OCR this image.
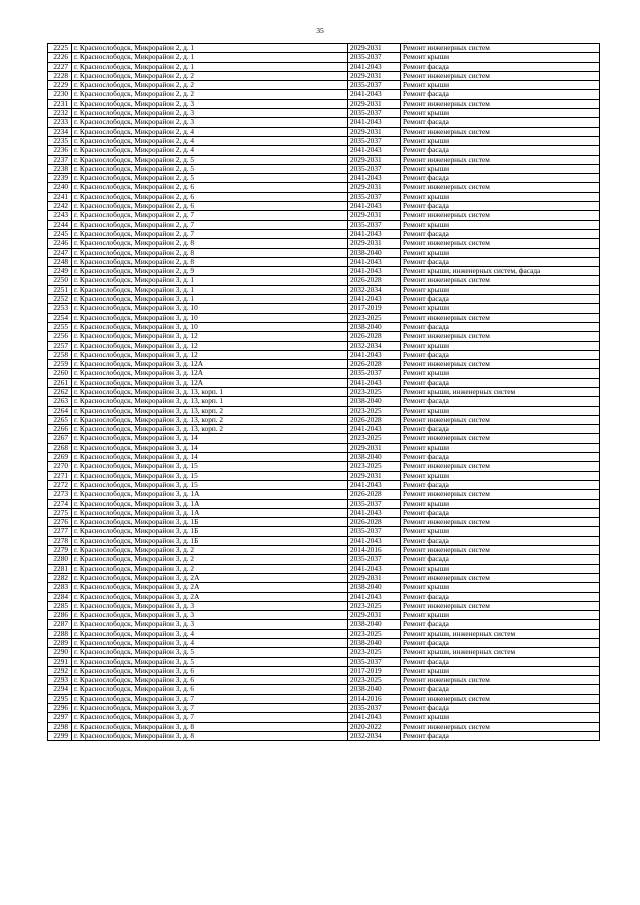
35
2225	г. Краснослободск, Микрорайон 2, д. 1	2029-2031	Ремонт инженерных систем
2226	г. Краснослободск, Микрорайон 2, д. 1	2035-2037	Ремонт крыши
2227	г. Краснослободск, Микрорайон 2, д. 1	2041-2043	Ремонт фасада
2228	г. Краснослободск, Микрорайон 2, д. 2	2029-2031	Ремонт инженерных систем
2229	г. Краснослободск, Микрорайон 2, д. 2	2035-2037	Ремонт крыши
2230	г. Краснослободск, Микрорайон 2, д. 2	2041-2043	Ремонт фасада
2231	г. Краснослободск, Микрорайон 2, д. 3	2029-2031	Ремонт инженерных систем
2232	г. Краснослободск, Микрорайон 2, д. 3	2035-2037	Ремонт крыши
2233	г. Краснослободск, Микрорайон 2, д. 3	2041-2043	Ремонт фасада
2234	г. Краснослободск, Микрорайон 2, д. 4	2029-2031	Ремонт инженерных систем
2235	г. Краснослободск, Микрорайон 2, д. 4	2035-2037	Ремонт крыши
2236	г. Краснослободск, Микрорайон 2, д. 4	2041-2043	Ремонт фасада
2237	г. Краснослободск, Микрорайон 2, д. 5	2029-2031	Ремонт инженерных систем
2238	г. Краснослободск, Микрорайон 2, д. 5	2035-2037	Ремонт крыши
2239	г. Краснослободск, Микрорайон 2, д. 5	2041-2043	Ремонт фасада
2240	г. Краснослободск, Микрорайон 2, д. 6	2029-2031	Ремонт инженерных систем
2241	г. Краснослободск, Микрорайон 2, д. 6	2035-2037	Ремонт крыши
2242	г. Краснослободск, Микрорайон 2, д. 6	2041-2043	Ремонт фасада
2243	г. Краснослободск, Микрорайон 2, д. 7	2029-2031	Ремонт инженерных систем
2244	г. Краснослободск, Микрорайон 2, д. 7	2035-2037	Ремонт крыши
2245	г. Краснослободск, Микрорайон 2, д. 7	2041-2043	Ремонт фасада
2246	г. Краснослободск, Микрорайон 2, д. 8	2029-2031	Ремонт инженерных систем
2247	г. Краснослободск, Микрорайон 2, д. 8	2038-2040	Ремонт крыши
2248	г. Краснослободск, Микрорайон 2, д. 8	2041-2043	Ремонт фасада
2249	г. Краснослободск, Микрорайон 2, д. 9	2041-2043	Ремонт крыши, инженерных систем, фасада
2250	г. Краснослободск, Микрорайон 3, д. 1	2026-2028	Ремонт инженерных систем
2251	г. Краснослободск, Микрорайон 3, д. 1	2032-2034	Ремонт крыши
2252	г. Краснослободск, Микрорайон 3, д. 1	2041-2043	Ремонт фасада
2253	г. Краснослободск, Микрорайон 3, д. 10	2017-2019	Ремонт крыши
2254	г. Краснослободск, Микрорайон 3, д. 10	2023-2025	Ремонт инженерных систем
2255	г. Краснослободск, Микрорайон 3, д. 10	2038-2040	Ремонт фасада
2256	г. Краснослободск, Микрорайон 3, д. 12	2026-2028	Ремонт инженерных систем
2257	г. Краснослободск, Микрорайон 3, д. 12	2032-2034	Ремонт крыши
2258	г. Краснослободск, Микрорайон 3, д. 12	2041-2043	Ремонт фасада
2259	г. Краснослободск, Микрорайон 3, д. 12А	2026-2028	Ремонт инженерных систем
2260	г. Краснослободск, Микрорайон 3, д. 12А	2035-2037	Ремонт крыши
2261	г. Краснослободск, Микрорайон 3, д. 12А	2041-2043	Ремонт фасада
2262	г. Краснослободск, Микрорайон 3, д. 13, корп. 1	2023-2025	Ремонт крыши, инженерных систем
2263	г. Краснослободск, Микрорайон 3, д. 13, корп. 1	2038-2040	Ремонт фасада
2264	г. Краснослободск, Микрорайон 3, д. 13, корп. 2	2023-2025	Ремонт крыши
2265	г. Краснослободск, Микрорайон 3, д. 13, корп. 2	2026-2028	Ремонт инженерных систем
2266	г. Краснослободск, Микрорайон 3, д. 13, корп. 2	2041-2043	Ремонт фасада
2267	г. Краснослободск, Микрорайон 3, д. 14	2023-2025	Ремонт инженерных систем
2268	г. Краснослободск, Микрорайон 3, д. 14	2029-2031	Ремонт крыши
2269	г. Краснослободск, Микрорайон 3, д. 14	2038-2040	Ремонт фасада
2270	г. Краснослободск, Микрорайон 3, д. 15	2023-2025	Ремонт инженерных систем
2271	г. Краснослободск, Микрорайон 3, д. 15	2029-2031	Ремонт крыши
2272	г. Краснослободск, Микрорайон 3, д. 15	2041-2043	Ремонт фасада
2273	г. Краснослободск, Микрорайон 3, д. 1А	2026-2028	Ремонт инженерных систем
2274	г. Краснослободск, Микрорайон 3, д. 1А	2035-2037	Ремонт крыши
2275	г. Краснослободск, Микрорайон 3, д. 1А	2041-2043	Ремонт фасада
2276	г. Краснослободск, Микрорайон 3, д. 1Б	2026-2028	Ремонт инженерных систем
2277	г. Краснослободск, Микрорайон 3, д. 1Б	2035-2037	Ремонт крыши
2278	г. Краснослободск, Микрорайон 3, д. 1Б	2041-2043	Ремонт фасада
2279	г. Краснослободск, Микрорайон 3, д. 2	2014-2016	Ремонт инженерных систем
2280	г. Краснослободск, Микрорайон 3, д. 2	2035-2037	Ремонт фасада
2281	г. Краснослободск, Микрорайон 3, д. 2	2041-2043	Ремонт крыши
2282	г. Краснослободск, Микрорайон 3, д. 2А	2029-2031	Ремонт инженерных систем
2283	г. Краснослободск, Микрорайон 3, д. 2А	2038-2040	Ремонт крыши
2284	г. Краснослободск, Микрорайон 3, д. 2А	2041-2043	Ремонт фасада
2285	г. Краснослободск, Микрорайон 3, д. 3	2023-2025	Ремонт инженерных систем
2286	г. Краснослободск, Микрорайон 3, д. 3	2029-2031	Ремонт крыши
2287	г. Краснослободск, Микрорайон 3, д. 3	2038-2040	Ремонт фасада
2288	г. Краснослободск, Микрорайон 3, д. 4	2023-2025	Ремонт крыши, инженерных систем
2289	г. Краснослободск, Микрорайон 3, д. 4	2038-2040	Ремонт фасада
2290	г. Краснослободск, Микрорайон 3, д. 5	2023-2025	Ремонт крыши, инженерных систем
2291	г. Краснослободск, Микрорайон 3, д. 5	2035-2037	Ремонт фасада
2292	г. Краснослободск, Микрорайон 3, д. 6	2017-2019	Ремонт крыши
2293	г. Краснослободск, Микрорайон 3, д. 6	2023-2025	Ремонт инженерных систем
2294	г. Краснослободск, Микрорайон 3, д. 6	2038-2040	Ремонт фасада
2295	г. Краснослободск, Микрорайон 3, д. 7	2014-2016	Ремонт инженерных систем
2296	г. Краснослободск, Микрорайон 3, д. 7	2035-2037	Ремонт фасада
2297	г. Краснослободск, Микрорайон 3, д. 7	2041-2043	Ремонт крыши
2298	г. Краснослободск, Микрорайон 3, д. 8	2020-2022	Ремонт инженерных систем
2299	г. Краснослободск, Микрорайон 3, д. 8	2032-2034	Ремонт фасада
